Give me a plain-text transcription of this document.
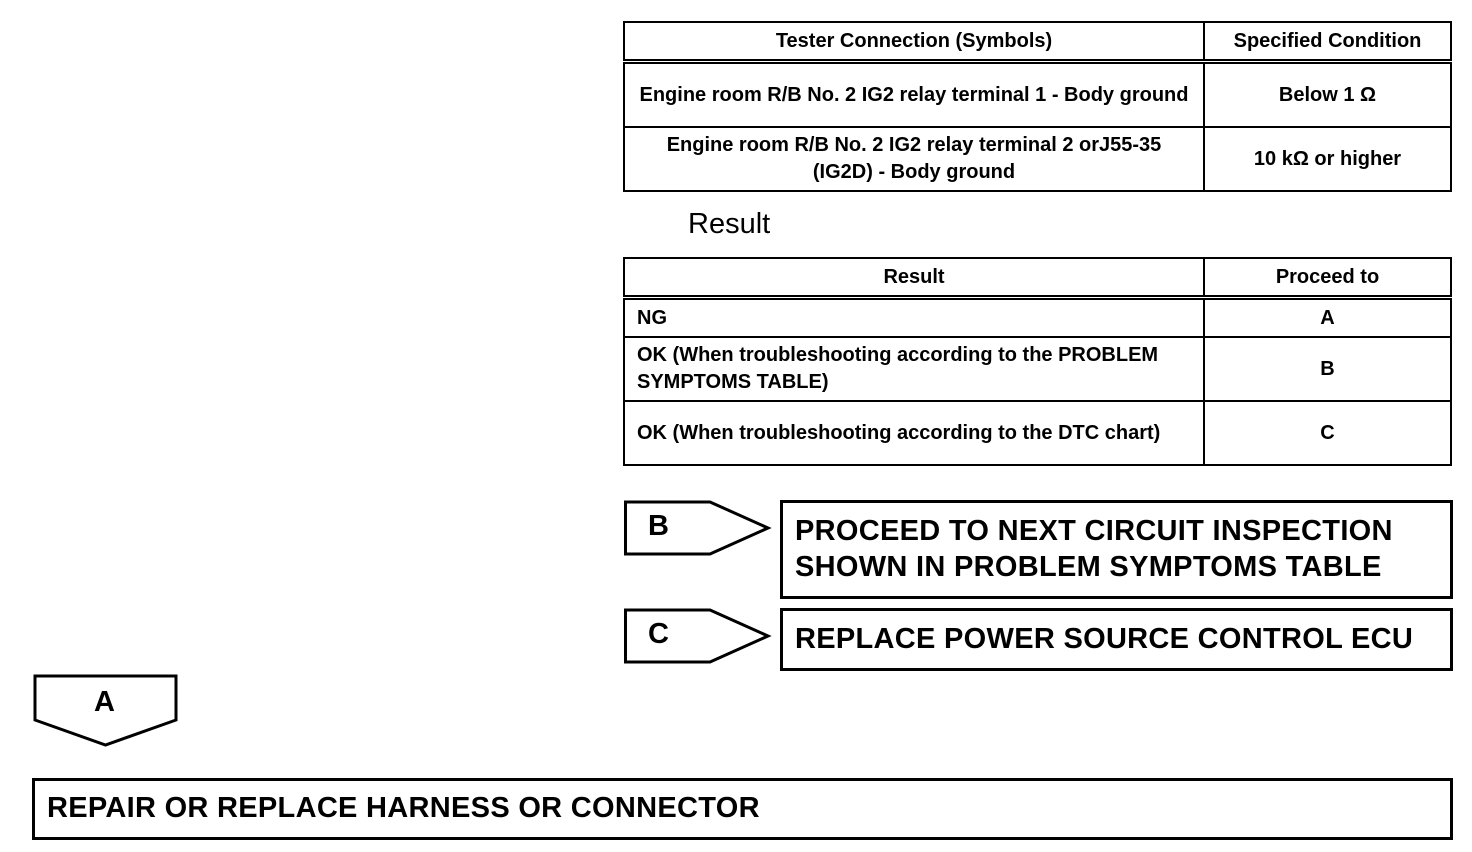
Tester Connection (Symbols)	Specified Condition
Engine room R/B No. 2 IG2 relay terminal 1 - Body ground	Below 1 Ω
Engine room R/B No. 2 IG2 relay terminal 2 orJ55-35 (IG2D) - Body ground	10 kΩ or higher
Result
Result	Proceed to
NG	A
OK (When troubleshooting according to the PROBLEM SYMPTOMS TABLE)	B
OK (When troubleshooting according to the DTC chart)	C
B	PROCEED TO NEXT CIRCUIT INSPECTION
SHOWN IN PROBLEM SYMPTOMS TABLE
C	REPLACE POWER SOURCE CONTROL ECU
A
REPAIR OR REPLACE HARNESS OR CONNECTOR
